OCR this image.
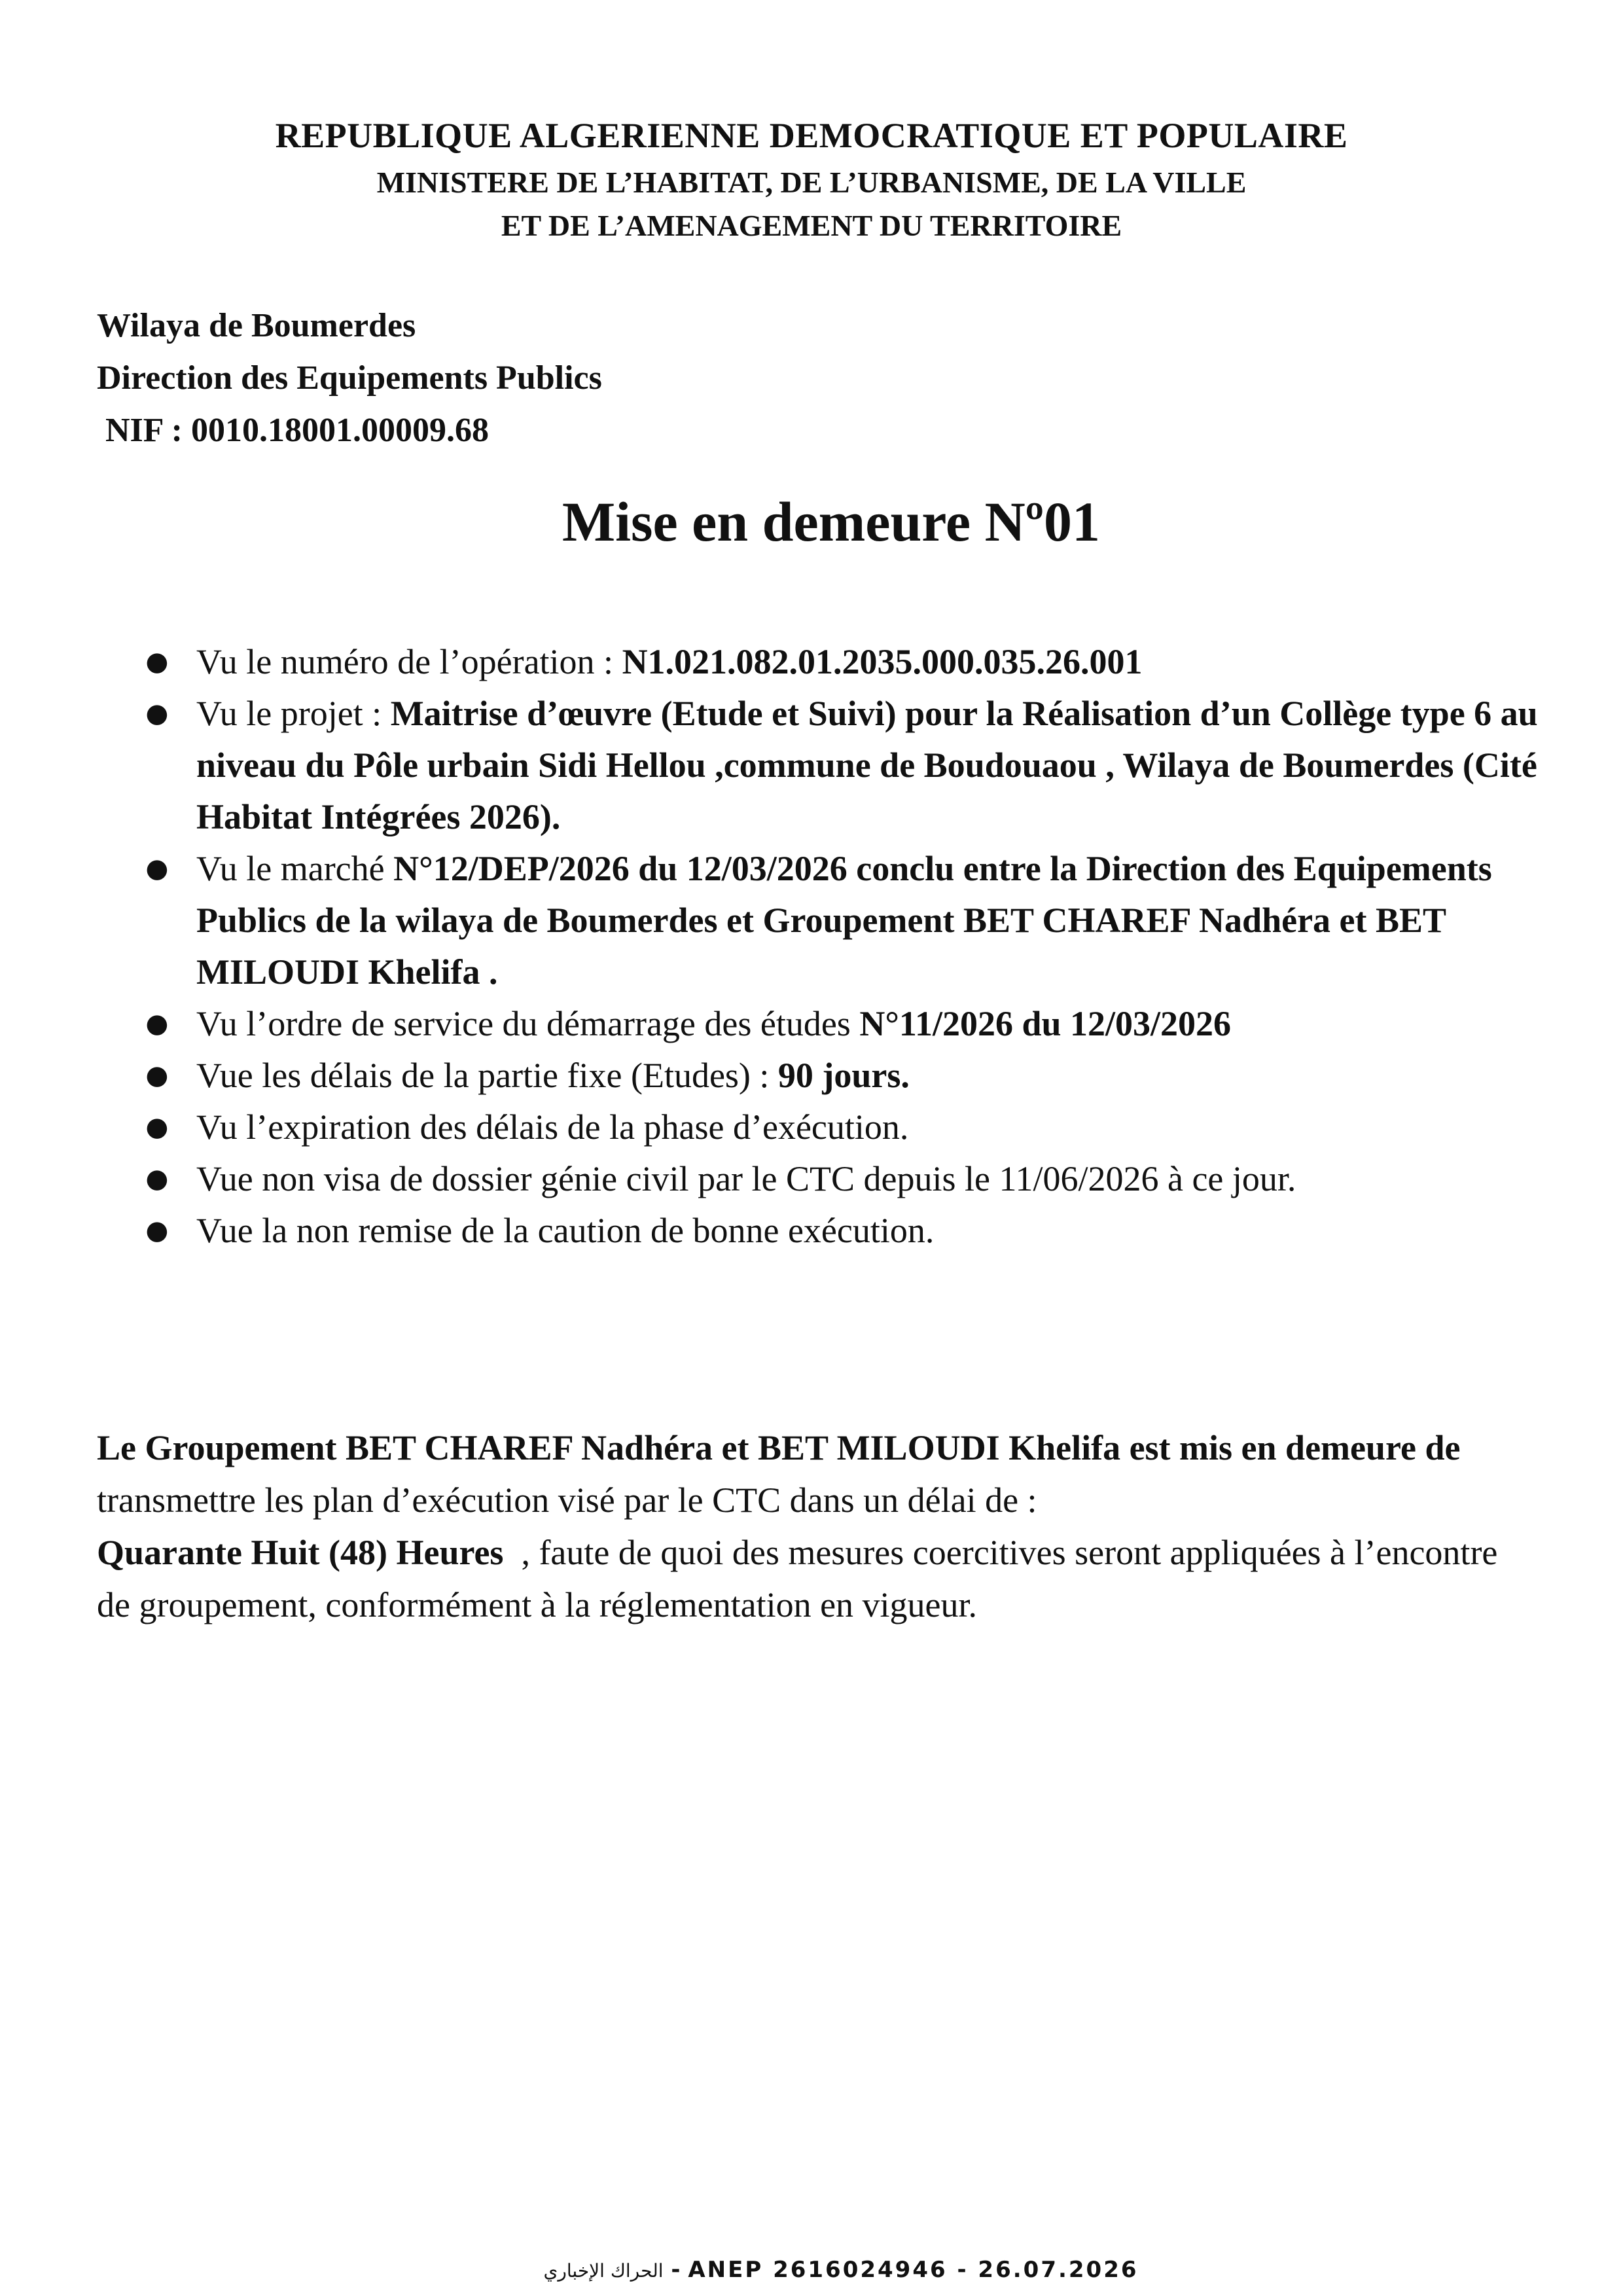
REPUBLIQUE ALGERIENNE DEMOCRATIQUE ET POPULAIRE
MINISTERE DE L’HABITAT, DE L’URBANISME, DE LA VILLE
ET DE L’AMENAGEMENT DU TERRITOIRE
Wilaya de Boumerdes
Direction des Equipements Publics
NIF : 0010.18001.00009.68
Mise en demeure Nº01
● Vu le numéro de l’opération : N1.021.082.01.2035.000.035.26.001
● Vu le projet : Maitrise d’œuvre (Etude et Suivi) pour la Réalisation d’un Collège type 6 au niveau du Pôle urbain Sidi Hellou ,commune de Boudouaou , Wilaya de Boumerdes (Cité Habitat Intégrées 2026).
● Vu le marché N°12/DEP/2026 du 12/03/2026 conclu entre la Direction des Equipements Publics de la wilaya de Boumerdes et Groupement BET CHAREF Nadhéra et BET MILOUDI Khelifa .
● Vu l’ordre de service du démarrage des études N°11/2026 du 12/03/2026
● Vue les délais de la partie fixe (Etudes) : 90 jours.
● Vu l’expiration des délais de la phase d’exécution.
● Vue non visa de dossier génie civil par le CTC depuis le 11/06/2026 à ce jour.
● Vue la non remise de la caution de bonne exécution.
Le Groupement BET CHAREF Nadhéra et BET MILOUDI Khelifa est mis en demeure de transmettre les plan d’exécution visé par le CTC dans un délai de :
Quarante Huit (48) Heures  , faute de quoi des mesures coercitives seront appliquées à l’encontre de groupement, conformément à la réglementation en vigueur.
الحراك الإخباري - ANEP 2616024946 - 26.07.2026
